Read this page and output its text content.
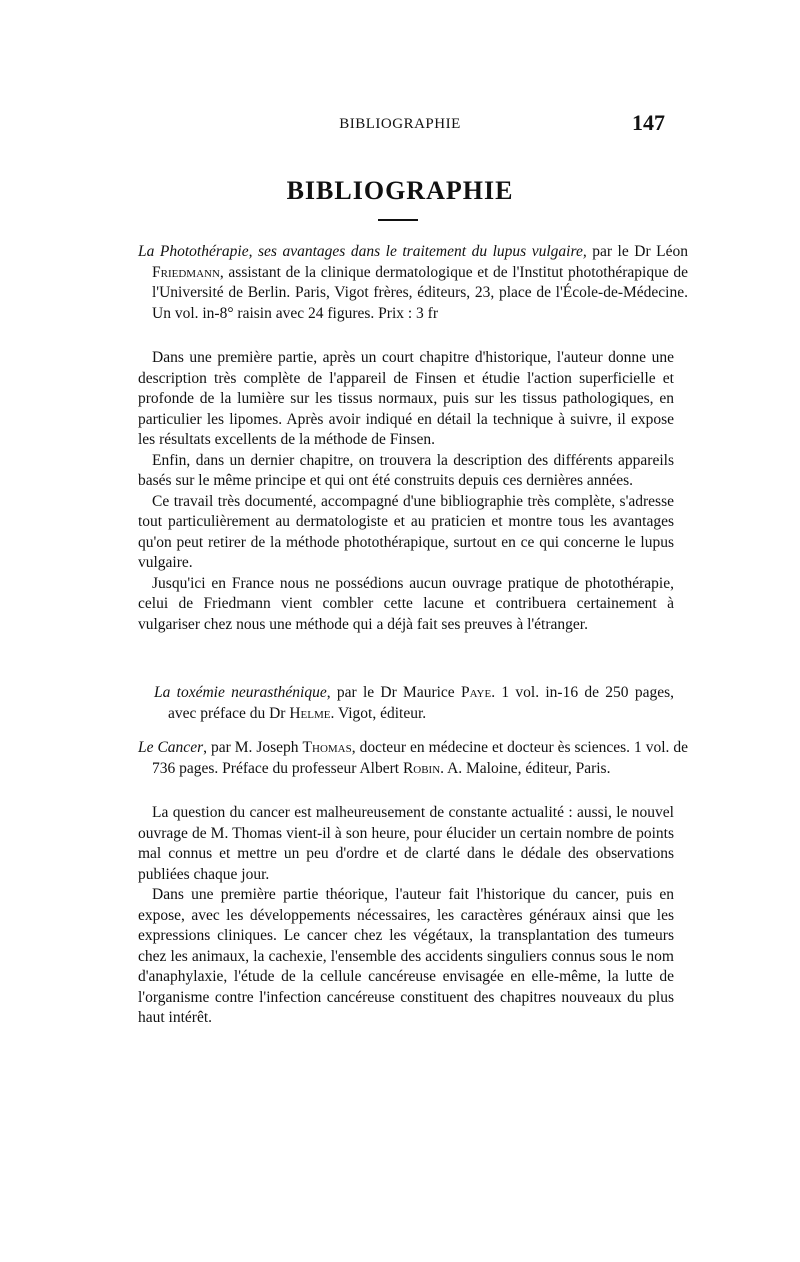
BIBLIOGRAPHIE	147
BIBLIOGRAPHIE
La Photothérapie, ses avantages dans le traitement du lupus vulgaire, par le Dr Léon Friedmann, assistant de la clinique dermatologique et de l'Institut photothérapique de l'Université de Berlin. Paris, Vigot frères, éditeurs, 23, place de l'École-de-Médecine. Un vol. in-8° raisin avec 24 figures. Prix : 3 fr

Dans une première partie, après un court chapitre d'historique, l'auteur donne une description très complète de l'appareil de Finsen et étudie l'action superficielle et profonde de la lumière sur les tissus normaux, puis sur les tissus pathologiques, en particulier les lipomes. Après avoir indiqué en détail la technique à suivre, il expose les résultats excellents de la méthode de Finsen.

Enfin, dans un dernier chapitre, on trouvera la description des différents appareils basés sur le même principe et qui ont été construits depuis ces dernières années.

Ce travail très documenté, accompagné d'une bibliographie très complète, s'adresse tout particulièrement au dermatologiste et au praticien et montre tous les avantages qu'on peut retirer de la méthode photothérapique, surtout en ce qui concerne le lupus vulgaire.

Jusqu'ici en France nous ne possédions aucun ouvrage pratique de photothérapie, celui de Friedmann vient combler cette lacune et contribuera certainement à vulgariser chez nous une méthode qui a déjà fait ses preuves à l'étranger.

La toxémie neurasthénique, par le Dr Maurice Paye. 1 vol. in-16 de 250 pages, avec préface du Dr Helme. Vigot, éditeur.
Le Cancer, par M. Joseph Thomas, docteur en médecine et docteur ès sciences. 1 vol. de 736 pages. Préface du professeur Albert Robin. A. Maloine, éditeur, Paris.

La question du cancer est malheureusement de constante actualité : aussi, le nouvel ouvrage de M. Thomas vient-il à son heure, pour élucider un certain nombre de points mal connus et mettre un peu d'ordre et de clarté dans le dédale des observations publiées chaque jour.

Dans une première partie théorique, l'auteur fait l'historique du cancer, puis en expose, avec les développements nécessaires, les caractères généraux ainsi que les expressions cliniques. Le cancer chez les végétaux, la transplantation des tumeurs chez les animaux, la cachexie, l'ensemble des accidents singuliers connus sous le nom d'anaphylaxie, l'étude de la cellule cancéreuse envisagée en elle-même, la lutte de l'organisme contre l'infection cancéreuse constituent des chapitres nouveaux du plus haut intérêt.
